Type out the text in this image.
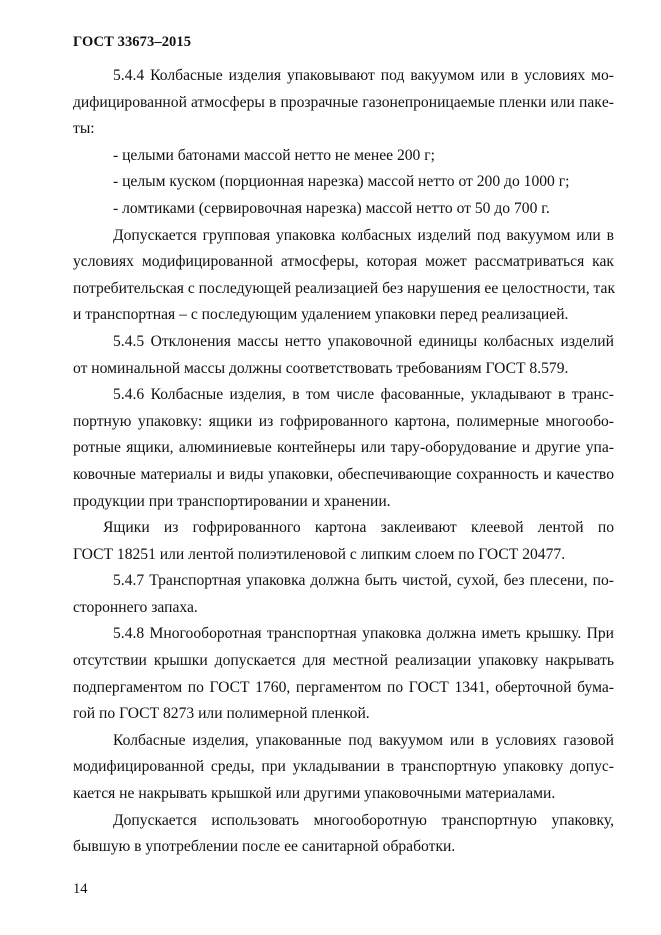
ГОСТ 33673–2015
5.4.4 Колбасные изделия упаковывают под вакуумом или в условиях мо-
дифицированной атмосферы в прозрачные газонепроницаемые пленки или пакe-
ты:
- целыми батонами массой нетто не менее 200 г;
- целым куском (порционная нарезка) массой нетто от 200 до 1000 г;
- ломтиками (сервировочная нарезка) массой нетто от 50 до 700 г.
Допускается групповая упаковка колбасных изделий под вакуумом или в
условиях модифицированной атмосферы, которая может рассматриваться как
потребительская с последующей реализацией без нарушения ее целостности, так
и транспортная – с последующим удалением упаковки перед реализацией.
5.4.5 Отклонения массы нетто упаковочной единицы колбасных изделий
от номинальной массы должны соответствовать требованиям ГОСТ 8.579.
5.4.6 Колбасные изделия, в том числе фасованные, укладывают в транс-
портную упаковку: ящики из гофрированного картона, полимерные многообо-
ротные ящики, алюминиевые контейнеры или тару-оборудование и другие упа-
ковочные материалы и виды упаковки, обеспечивающие сохранность и качество
продукции при транспортировании и хранении.
Ящики из гофрированного картона заклеивают клеевой лентой по
ГОСТ 18251 или лентой полиэтиленовой с липким слоем по ГОСТ 20477.
5.4.7 Транспортная упаковка должна быть чистой, сухой, без плесени, по-
стороннего запаха.
5.4.8 Многооборотная транспортная упаковка должна иметь крышку. При
отсутствии крышки допускается для местной реализации упаковку накрывать
подпергаментом по ГОСТ 1760, пергаментом по ГОСТ 1341, оберточной бума-
гой по ГОСТ 8273 или полимерной пленкой.
Колбасные изделия, упакованные под вакуумом или в условиях газовой
модифицированной среды, при укладывании в транспортную упаковку допус-
кается не накрывать крышкой или другими упаковочными материалами.
Допускается использовать многооборотную транспортную упаковку,
бывшую в употреблении после ее санитарной обработки.
14
